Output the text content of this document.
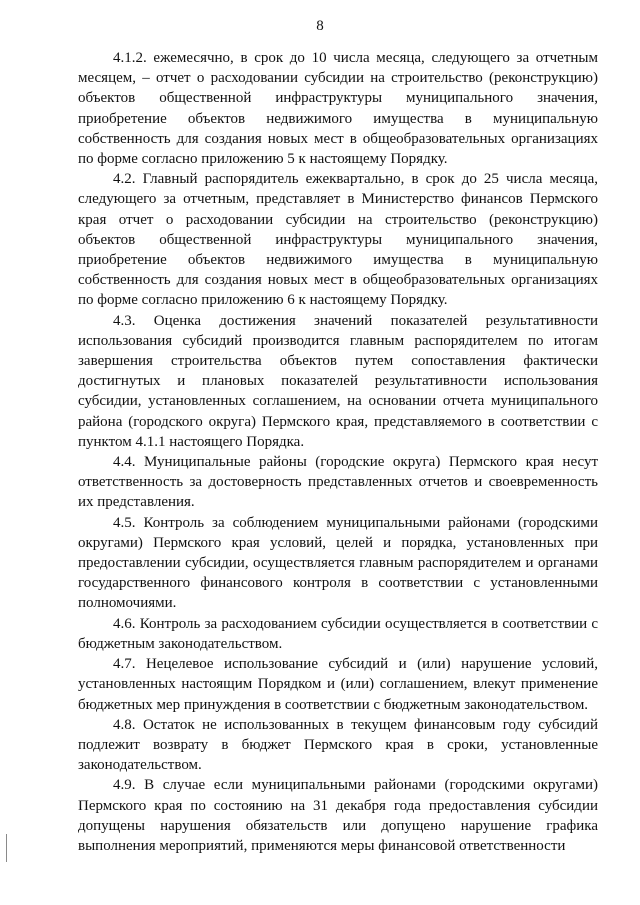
8

4.1.2. ежемесячно, в срок до 10 числа месяца, следующего за отчетным месяцем, – отчет о расходовании субсидии на строительство (реконструкцию) объектов общественной инфраструктуры муниципального значения, приобретение объектов недвижимого имущества в муниципальную собственность для создания новых мест в общеобразовательных организациях по форме согласно приложению 5 к настоящему Порядку.

4.2. Главный распорядитель ежеквартально, в срок до 25 числа месяца, следующего за отчетным, представляет в Министерство финансов Пермского края отчет о расходовании субсидии на строительство (реконструкцию) объектов общественной инфраструктуры муниципального значения, приобретение объектов недвижимого имущества в муниципальную собственность для создания новых мест в общеобразовательных организациях по форме согласно приложению 6 к настоящему Порядку.

4.3. Оценка достижения значений показателей результативности использования субсидий производится главным распорядителем по итогам завершения строительства объектов путем сопоставления фактически достигнутых и плановых показателей результативности использования субсидии, установленных соглашением, на основании отчета муниципального района (городского округа) Пермского края, представляемого в соответствии с пунктом 4.1.1 настоящего Порядка.

4.4. Муниципальные районы (городские округа) Пермского края несут ответственность за достоверность представленных отчетов и своевременность их представления.

4.5. Контроль за соблюдением муниципальными районами (городскими округами) Пермского края условий, целей и порядка, установленных при предоставлении субсидии, осуществляется главным распорядителем и органами государственного финансового контроля в соответствии с установленными полномочиями.

4.6. Контроль за расходованием субсидии осуществляется в соответствии с бюджетным законодательством.

4.7. Нецелевое использование субсидий и (или) нарушение условий, установленных настоящим Порядком и (или) соглашением, влекут применение бюджетных мер принуждения в соответствии с бюджетным законодательством.

4.8. Остаток не использованных в текущем финансовым году субсидий подлежит возврату в бюджет Пермского края в сроки, установленные законодательством.

4.9. В случае если муниципальными районами (городскими округами) Пермского края по состоянию на 31 декабря года предоставления субсидии допущены нарушения обязательств или допущено нарушение графика выполнения мероприятий, применяются меры финансовой ответственности
